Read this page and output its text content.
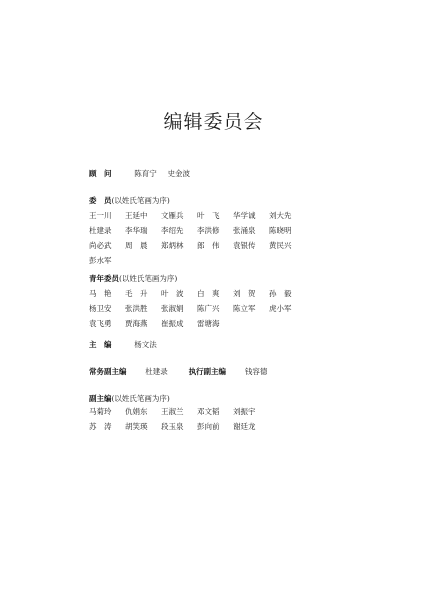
编辑委员会
顾　问	陈育宁 史金波
委　员(以姓氏笔画为序)
王一川	王延中	文雁兵	叶　飞	华学诚	刘大先
杜建录	李华瑞	李绍先	李洪修	张涌泉	陈晓明
尚必武	周　晨	郑炳林	郎　伟	袁银传	黄民兴
彭水军
青年委员(以姓氏笔画为序)
马　艳	毛　升	叶　波	白　爽	刘　贺	孙　毅
杨卫安	张洪胜	张淑娟	陈广兴	陈立军	虎小军
袁飞勇	贾海燕	崔振成	雷塘海
主　编	杨文法
常务副主编	杜建录	执行副主编	钱容德
副主编(以姓氏笔画为序)
马菊玲	仇娟东	王淑兰	邓文韬	刘振宇
苏　涛	胡笑瑛	段玉泉	彭向前	谢廷龙
